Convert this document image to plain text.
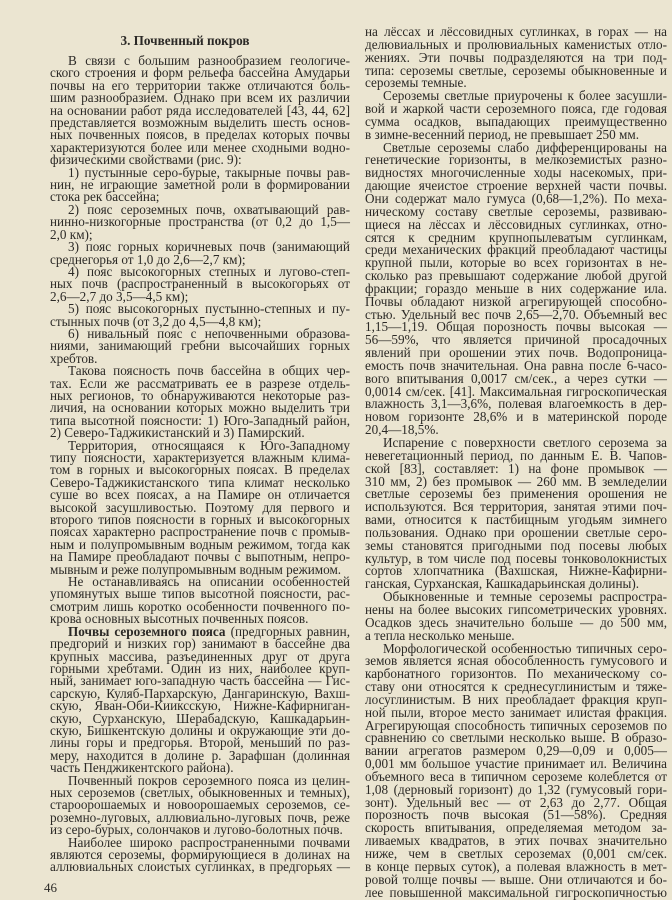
3. Почвенный покров
В связи с большим разнообразием геологиче-
ского строения и форм рельефа бассейна Амударьи
почвы на его территории также отличаются боль-
шим разнообразием. Однако при всем их различии
на основании работ ряда исследователей [43, 44, 62]
представляется возможным выделить шесть основ-
ных почвенных поясов, в пределах которых почвы
характеризуются более или менее сходными водно-
физическими свойствами (рис. 9):
1) пустынные серо-бурые, такырные почвы рав-
нин, не играющие заметной роли в формировании
стока рек бассейна;
2) пояс сероземных почв, охватывающий рав-
нинно-низкогорные пространства (от 0,2 до 1,5—
2,0 км);
3) пояс горных коричневых почв (занимающий
среднегорья от 1,0 до 2,6—2,7 км);
4) пояс высокогорных степных и лугово-степ-
ных почв (распространенный в высокогорьях от
2,6—2,7 до 3,5—4,5 км);
5) пояс высокогорных пустынно-степных и пу-
стынных почв (от 3,2 до 4,5—4,8 км);
6) нивальный пояс с непочвенными образова-
ниями, занимающий гребни высочайших горных
хребтов.
Такова поясность почв бассейна в общих чер-
тах. Если же рассматривать ее в разрезе отдель-
ных регионов, то обнаруживаются некоторые раз-
личия, на основании которых можно выделить три
типа высотной поясности: 1) Юго-Западный район,
2) Северо-Таджикистанский и 3) Памирский.
Территория, относящаяся к Юго-Западному
типу поясности, характеризуется влажным клима-
том в горных и высокогорных поясах. В пределах
Северо-Таджикистанского типа климат несколько
суше во всех поясах, а на Памире он отличается
высокой засушливостью. Поэтому для первого и
второго типов поясности в горных и высокогорных
поясах характерно распространение почв с промыв-
ным и полупромывным водным режимом, тогда как
на Памире преобладают почвы с выпотным, непро-
мывным и реже полупромывным водным режимом.
Не останавливаясь на описании особенностей
упомянутых выше типов высотной поясности, рас-
смотрим лишь коротко особенности почвенного по-
крова основных высотных почвенных поясов.
Почвы сероземного пояса (предгорных равнин,
предгорий и низких гор) занимают в бассейне два
крупных массива, разъединенных друг от друга
горными хребтами. Один из них, наиболее круп-
ный, занимает юго-западную часть бассейна — Гис-
сарскую, Куляб-Пархарскую, Дангаринскую, Вахш-
скую, Яван-Оби-Кииксскую, Нижне-Кафирниган-
скую, Сурханскую, Шерабадскую, Кашкадарьин-
скую, Бишкентскую долины и окружающие эти до-
лины горы и предгорья. Второй, меньший по раз-
меру, находится в долине р. Зарафшан (долинная
часть Пенджикентского района).
Почвенный покров сероземного пояса из целин-
ных сероземов (светлых, обыкновенных и темных),
староорошаемых и новоорошаемых сероземов, се-
роземно-луговых, аллювиально-луговых почв, реже
из серо-бурых, солончаков и лугово-болотных почв.
Наиболее широко распространенными почвами
являются сероземы, формирующиеся в долинах на
аллювиальных слоистых суглинках, в предгорьях —
на лёссах и лёссовидных суглинках, в горах — на
делювиальных и пролювиальных каменистых отло-
жениях. Эти почвы подразделяются на три под-
типа: сероземы светлые, сероземы обыкновенные и
сероземы темные.
Сероземы светлые приурочены к более засушли-
вой и жаркой части сероземного пояса, где годовая
сумма осадков, выпадающих преимущественно
в зимне-весенний период, не превышает 250 мм.
Светлые сероземы слабо дифференцированы на
генетические горизонты, в мелкоземистых разно-
видностях многочисленные ходы насекомых, при-
дающие ячеистое строение верхней части почвы.
Они содержат мало гумуса (0,68—1,2%). По меха-
ническому составу светлые сероземы, развиваю-
щиеся на лёссах и лёссовидных суглинках, отно-
сятся к средним крупнопылеватым суглинкам,
среди механических фракций преобладают частицы
крупной пыли, которые во всех горизонтах в не-
сколько раз превышают содержание любой другой
фракции; гораздо меньше в них содержание ила.
Почвы обладают низкой агрегирующей способно-
стью. Удельный вес почв 2,65—2,70. Объемный вес
1,15—1,19. Общая порозность почвы высокая —
56—59%, что является причиной просадочных
явлений при орошении этих почв. Водопроница-
емость почв значительная. Она равна после 6-часо-
вого впитывания 0,0017 см/сек., а через сутки —
0,0014 см/сек. [41]. Максимальная гигроскопическая
влажность 3,1—3,6%, полевая влагоемкость в дер-
новом горизонте 28,6% и в материнской породе
20,4—18,5%.
Испарение с поверхности светлого серозема за
невегетационный период, по данным Е. В. Чапов-
ской [83], составляет: 1) на фоне промывок —
310 мм, 2) без промывок — 260 мм. В земледелии
светлые сероземы без применения орошения не
используются. Вся территория, занятая этими поч-
вами, относится к пастбищным угодьям зимнего
пользования. Однако при орошении светлые серо-
земы становятся пригодными под посевы любых
культур, в том числе под посевы тонковолокнистых
сортов хлопчатника (Вахшская, Нижне-Кафирни-
ганская, Сурханская, Кашкадарьинская долины).
Обыкновенные и темные сероземы распростра-
нены на более высоких гипсометрических уровнях.
Осадков здесь значительно больше — до 500 мм,
а тепла несколько меньше.
Морфологической особенностью типичных серо-
земов является ясная обособленность гумусового и
карбонатного горизонтов. По механическому со-
ставу они относятся к среднесуглинистым и тяже-
лосуглинистым. В них преобладает фракция круп-
ной пыли, второе место занимает илистая фракция.
Агрегирующая способность типичных сероземов по
сравнению со светлыми несколько выше. В образо-
вании агрегатов размером 0,29—0,09 и 0,005—
0,001 мм большое участие принимает ил. Величина
объемного веса в типичном сероземе колеблется от
1,08 (дерновый горизонт) до 1,32 (гумусовый гори-
зонт). Удельный вес — от 2,63 до 2,77. Общая
порозность почв высокая (51—58%). Средняя
скорость впитывания, определяемая методом за-
ливаемых квадратов, в этих почвах значительно
ниже, чем в светлых сероземах (0,001 см/сек.
в конце первых суток), а полевая влажность в мет-
ровой толще почвы — выше. Они отличаются и бо-
лее повышенной максимальной гигроскопичностью
46
